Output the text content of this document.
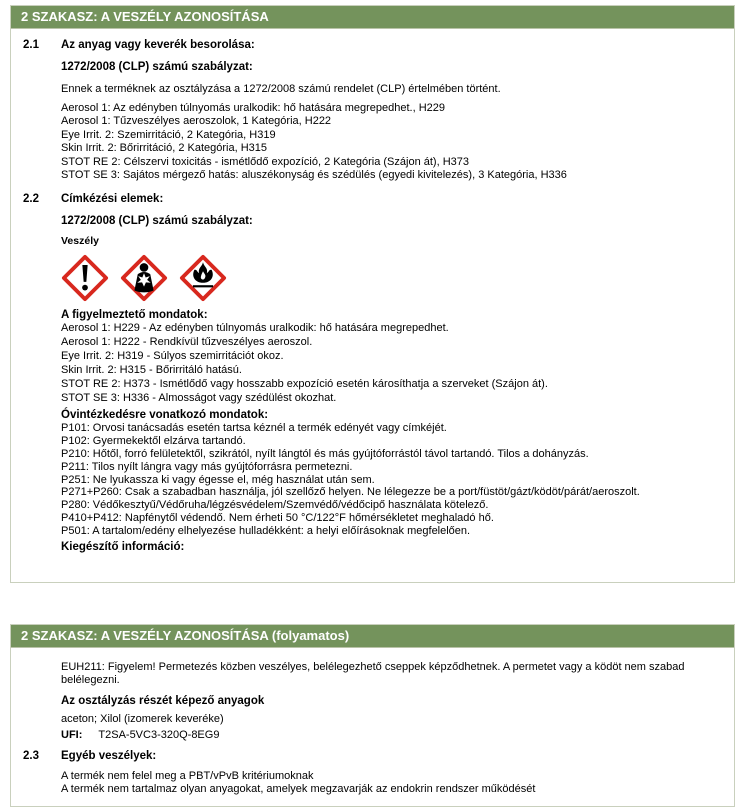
2 SZAKASZ: A VESZÉLY AZONOSÍTÁSA
2.1	Az anyag vagy keverék besorolása:
1272/2008 (CLP) számú szabályzat:
Ennek a terméknek az osztályzása a 1272/2008 számú rendelet (CLP) értelmében történt.
Aerosol 1: Az edényben túlnyomás uralkodik: hő hatására megrepedhet., H229
Aerosol 1: Tűzveszélyes aeroszolok, 1 Kategória, H222
Eye Irrit. 2: Szemirritáció, 2 Kategória, H319
Skin Irrit. 2: Bőrirritáció, 2 Kategória, H315
STOT RE 2: Célszervi toxicitás - ismétlődő expozíció, 2 Kategória (Szájon át), H373
STOT SE 3: Sajátos mérgező hatás: aluszékonyság és szédülés (egyedi kivitelezés), 3 Kategória, H336
2.2	Címkézési elemek:
1272/2008 (CLP) számú szabályzat:
Veszély
A figyelmeztető mondatok:
Aerosol 1: H229 - Az edényben túlnyomás uralkodik: hő hatására megrepedhet.
Aerosol 1: H222 - Rendkívül tűzveszélyes aeroszol.
Eye Irrit. 2: H319 - Súlyos szemirritációt okoz.
Skin Irrit. 2: H315 - Bőrirritáló hatású.
STOT RE 2: H373 - Ismétlődő vagy hosszabb expozíció esetén károsíthatja a szerveket (Szájon át).
STOT SE 3: H336 - Almosságot vagy szédülést okozhat.
Óvintézkedésre vonatkozó mondatok:
P101: Orvosi tanácsadás esetén tartsa kéznél a termék edényét vagy címkéjét.
P102: Gyermekektől elzárva tartandó.
P210: Hőtől, forró felületektől, szikrától, nyílt lángtól és más gyújtóforrástól távol tartandó. Tilos a dohányzás.
P211: Tilos nyílt lángra vagy más gyújtóforrásra permetezni.
P251: Ne lyukassza ki vagy égesse el, még használat után sem.
P271+P260: Csak a szabadban használja, jól szellőző helyen. Ne lélegezze be a port/füstöt/gázt/ködöt/párát/aeroszolt.
P280: Védőkesztyű/Védőruha/légzésvédelem/Szemvédő/védőcipő használata kötelező.
P410+P412: Napfénytől védendő. Nem érheti 50 °C/122°F hőmérsékletet meghaladó hő.
P501: A tartalom/edény elhelyezése hulladékként: a helyi előírásoknak megfelelően.
Kiegészítő információ:
2 SZAKASZ: A VESZÉLY AZONOSÍTÁSA (folyamatos)
EUH211: Figyelem! Permetezés közben veszélyes, belélegezhető cseppek képződhetnek. A permetet vagy a ködöt nem szabad belélegezni.
Az osztályzás részét képező anyagok
aceton; Xilol (izomerek keveréke)
UFI: T2SA-5VC3-320Q-8EG9
2.3	Egyéb veszélyek:
A termék nem felel meg a PBT/vPvB kritériumoknak
A termék nem tartalmaz olyan anyagokat, amelyek megzavarják az endokrin rendszer működését
